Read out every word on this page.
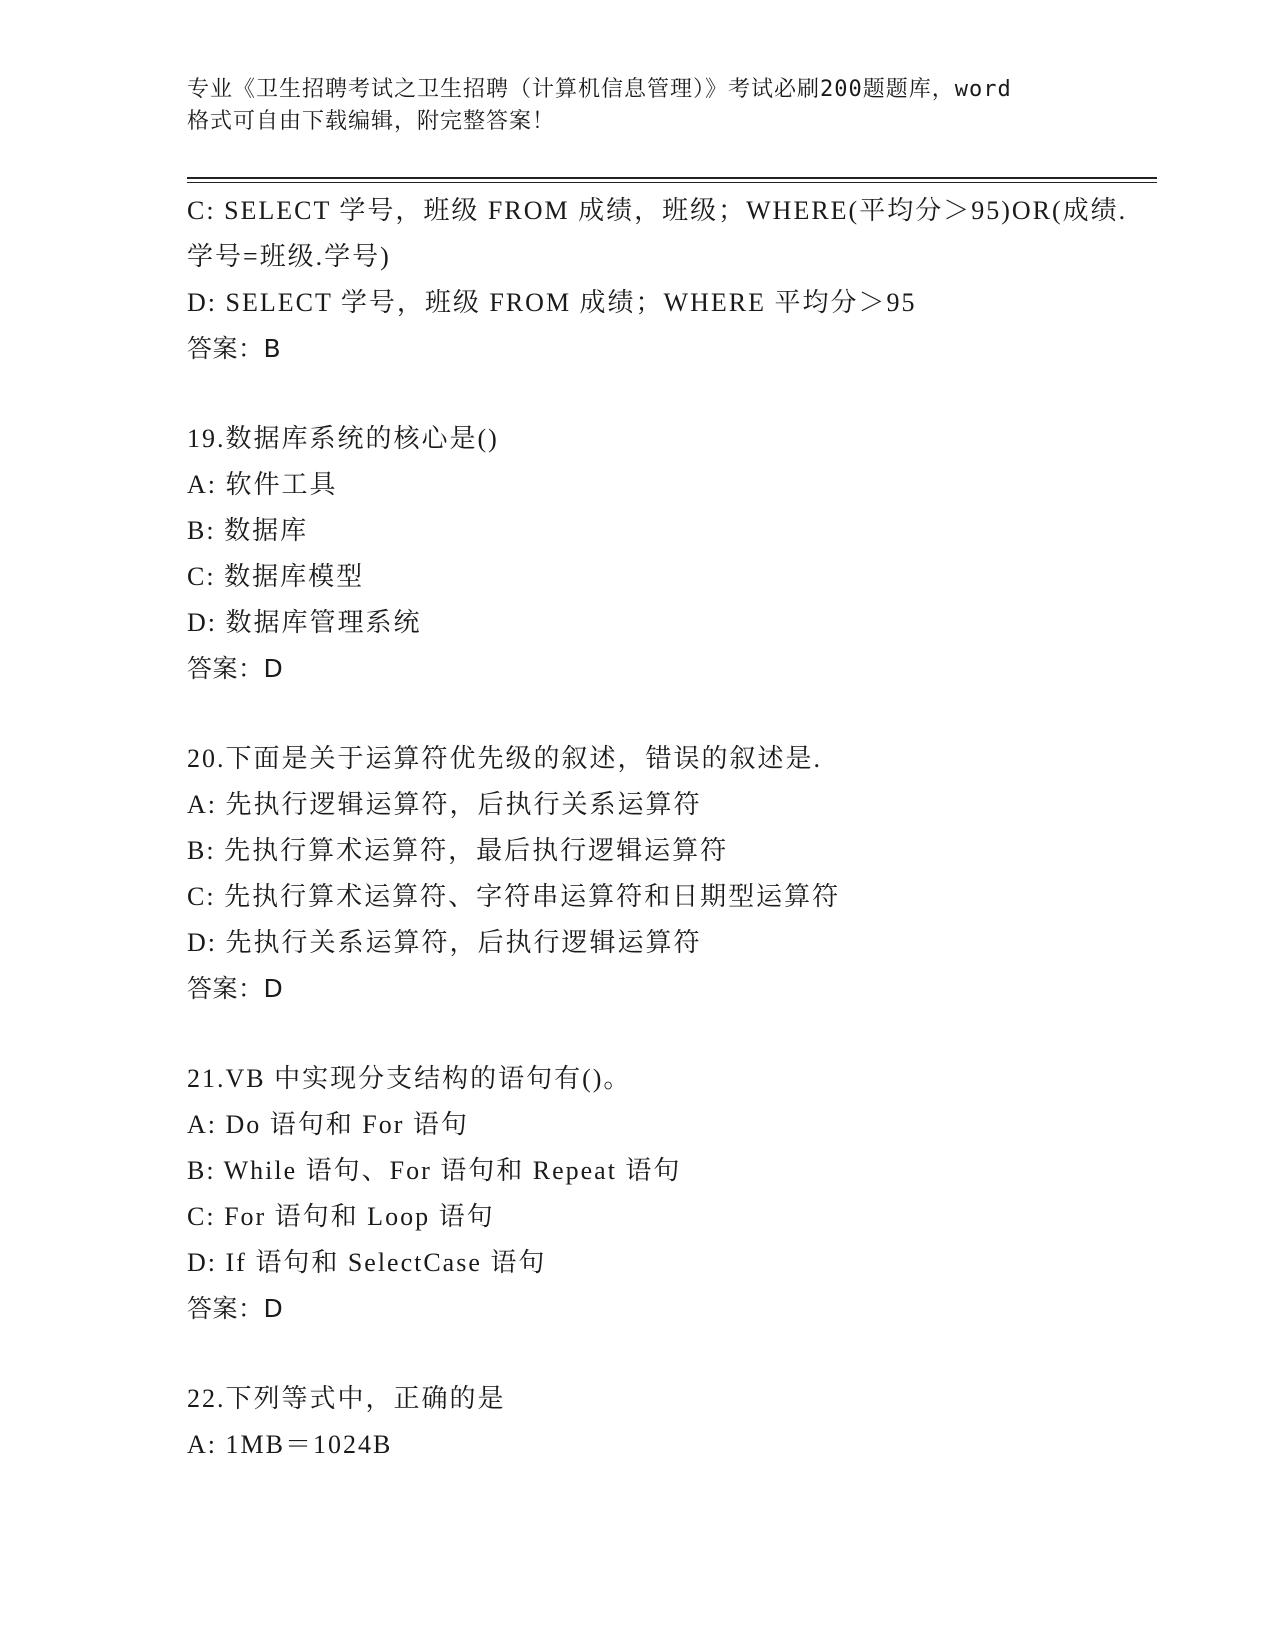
专业《卫生招聘考试之卫生招聘（计算机信息管理）》考试必刷200题题库，word
格式可自由下载编辑，附完整答案！
C: SELECT 学号，班级 FROM 成绩，班级；WHERE(平均分＞95)OR(成绩.
学号=班级.学号)
D: SELECT 学号，班级 FROM 成绩；WHERE 平均分＞95
答案：B
19.数据库系统的核心是()
A: 软件工具
B: 数据库
C: 数据库模型
D: 数据库管理系统
答案：D
20.下面是关于运算符优先级的叙述，错误的叙述是.
A: 先执行逻辑运算符，后执行关系运算符
B: 先执行算术运算符，最后执行逻辑运算符
C: 先执行算术运算符、字符串运算符和日期型运算符
D: 先执行关系运算符，后执行逻辑运算符
答案：D
21.VB 中实现分支结构的语句有()。
A: Do 语句和 For 语句
B: While 语句、For 语句和 Repeat 语句
C: For 语句和 Loop 语句
D: If 语句和 SelectCase 语句
答案：D
22.下列等式中，正确的是
A: 1MB＝1024B
